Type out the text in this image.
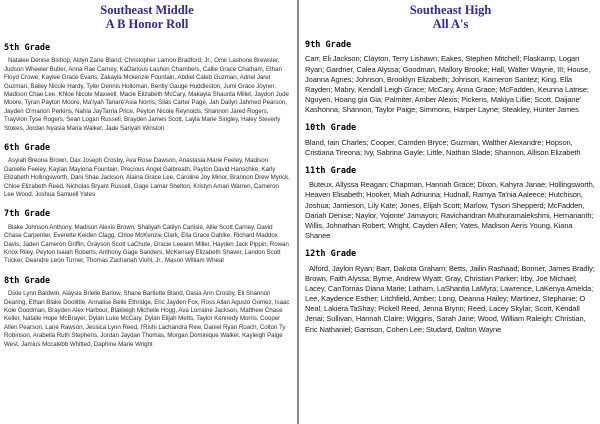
Southeast Middle
A B Honor Roll
5th Grade
Natalee Denise Bishop, Aidyn Zane Bland, Christopher Lamon Bradford, Jr., Omir Lashone Brewster, Judson Wheeler Butler, Anna Rae Carney, KaDarious Lashon Chambers, Callie Grace Chatham, Ethan Floyd Crowe, Kaylee Grace Evans, Zakayla Mckenzie Fountain, Abdiel Caleb Guzman, Adriel Jaret Guzman, Bailey Nicole Hardy, Tyler Dennis Holloman, Bently Gauge Huddleston, Jumi Grace Joyner, Madison Chae Lee, Khloe Nicole Maxwell, Macie Elizabeth McCary, Makayla Shaunta Millet, Jaydon Jude Moore, Tyran Payton Moore, Ma'Iyah Tanare'Asia Norris, Silas Carter Page, Jah Dailyn Jahmed Pearson, Jayden O'marion Perkins, Nahla JayTarria Price, Peyton Nicole Reynolds, Shannon Jared Rogers, Trayvion Tyse Rogers, Sean Logan Russell, Brayden James Scott, Layla Marie Singley, Haley Steverly Stokes, Jordan Nyasia Maria Walker, Jade Sariyah Winston
6th Grade
Asyiah Breona Brown, Dax Joseph Crosby, Ava Rose Dawson, Anastasia Marie Feeley, Madison Danielle Feeley, Kaylan Mayiona Fountain, Precious Angel Galbreath, Payton David Hanschke, Karly Elizabeth Hollingsworth, Dani Shae Jackson, Alaina Grace Lee, Caroline Joy Minor, Brannon Drew Myrick, Chloe Elizabeth Reed, Nicholas Bryant Russell, Gage Lamar Shelton, Kristyn Amari Warren, Cameron Lee Wood, Joshua Samuell Yates
7th Grade
Blake Johnson Anthony, Madison Alexis Brown, Shaliyah Catilyn Carlisle, Allie Scott Carney, David Chase Carpenter, Everette Keiden Clagg, Chloe McKenzie Clark, Ella Grace Dahlke, Richard Maddox Davis, Jaden Cameron Griffin, Grayson Scott LaChute, Gracie Leeann Miller, Hayden Jack Pippin, Rowan Knox Riley, Peyton Isaiah Roberts, Anthony Gage Sanders, McKensey Elizabeth Shaver, Landon Scott Tucker, Deandre Leon Turner, Thomas Zachariah Viohl, Jr., Mason William Wheat
8th Grade
Dixie Lynn Baldwin, Alaysia Brielle Barlow, Shane Bartlette Bland, Dasia Ann Crosby, Eli Shannon Dearing, Ethan Blake Doolittle, Annalise Belle Ethridge, Eric Jayden Fox, Ross Allan Agusto Gomez, Isaac Kole Goodman, Brayden Alex Harbour, Blakleigh Michelle Hogg, Ava Lorraine Jackson, Matthew Chase Keller, Natalie Hope McBrayer, Dylan Luke McCary, Dylan Elijah Metts, Taylor Kennedy Morris, Cooper Allen Pearson, Lane Rawson, Jessica Lynn Reed, I'Rishi Lachandra Rew, Daniel Ryan Roach, Colton Ty Robinson, Arabella Ruth Stephens, Jordan Jaydan Thomas, Morgan Dominique Walker, Kayleigh Paige West, Jamius Mccalebb Whitted, Daphine Marie Wright
Southeast High
All A's
9th Grade
Carr, Eli Jackson; Clayton, Terry Lishawn; Eakes, Stephen Mitchell; Flaskamp, Logan Ryan; Gardner, Calea Alyssa; Goodman, Mallory Brooke; Hall, Walter Wayne, III; House, Joanna Agnes; Johnson, Brooklyn Elizabeth; Johnson, Kameron Santez; King, Ella Rayden; Mabry, Kendall Leigh Grace; McCary, Anna Grace; McFadden, Keunna Latrise; Nguyen, Hoang gia Gia; Palmiter, Amber Alexis; Pickens, Makiya Lillie; Scott, Daijane' Kashonna; Shannon, Taylor Paige; Simmons, Harper Layne; Steakley, Hunter James
10th Grade
Bland, Iain Charles; Cooper, Camden Bryce; Guzman, Walther Alexandre; Hopson, Cristiana Tireona; Ivy, Sabrina Gayle; Little, Nathan Slade; Shannon, Allison Elizabeth
11th Grade
Buteux, Allyssa Reagan; Chapman, Hannah Grace; Dixon, Kahyra Janae; Hollingsworth, Heaven Elisabeth; Hooker, Miah Adriunna; Hudnall, Ramya Ta'nia Aaleece; Hutchison, Joshua; Jamieson, Lily Kate; Jones, Elijah Scott; Marlow, Tyson Shepperd; McFadden, Dariah Denise; Naylor, Yojonte' Jamayon; Ravichandran Muthuramalekshmi, Hemananth; Willis, Johnathan Robert; Wright, Cayden Allen; Yates, Madison Aeris Young, Kiana Shanee
12th Grade
Alford, Jaylon Ryan; Barr, Dakota Graham; Betts, Jailin Rashaad; Bonner, James Bradly; Brown, Faith Alyssa; Byrne, Andrew Wyatt; Gray, Christian Parker; Irby, Joe Michael; Lacey, CanTorrias Diana Marie; Latham, LaShantia LaMyra; Lawrence, LaKenya Amelda; Lee, Kaydence Esther; Litchfield, Amber; Long, Deanna Hailey; Martinez, Stephanie; O Neal, Lakiera TaShay; Pickell Reed, Jenna Brynn; Reed, Lacey Skylar; Scott, Kendall Jenai; Sullivan, Hannah Claire; Wiggins, Sarah Jane; Wood, William Raleigh; Christian, Eric Nathaniel; Garrison, Cohen Lee; Studard, Dalton Wayne
